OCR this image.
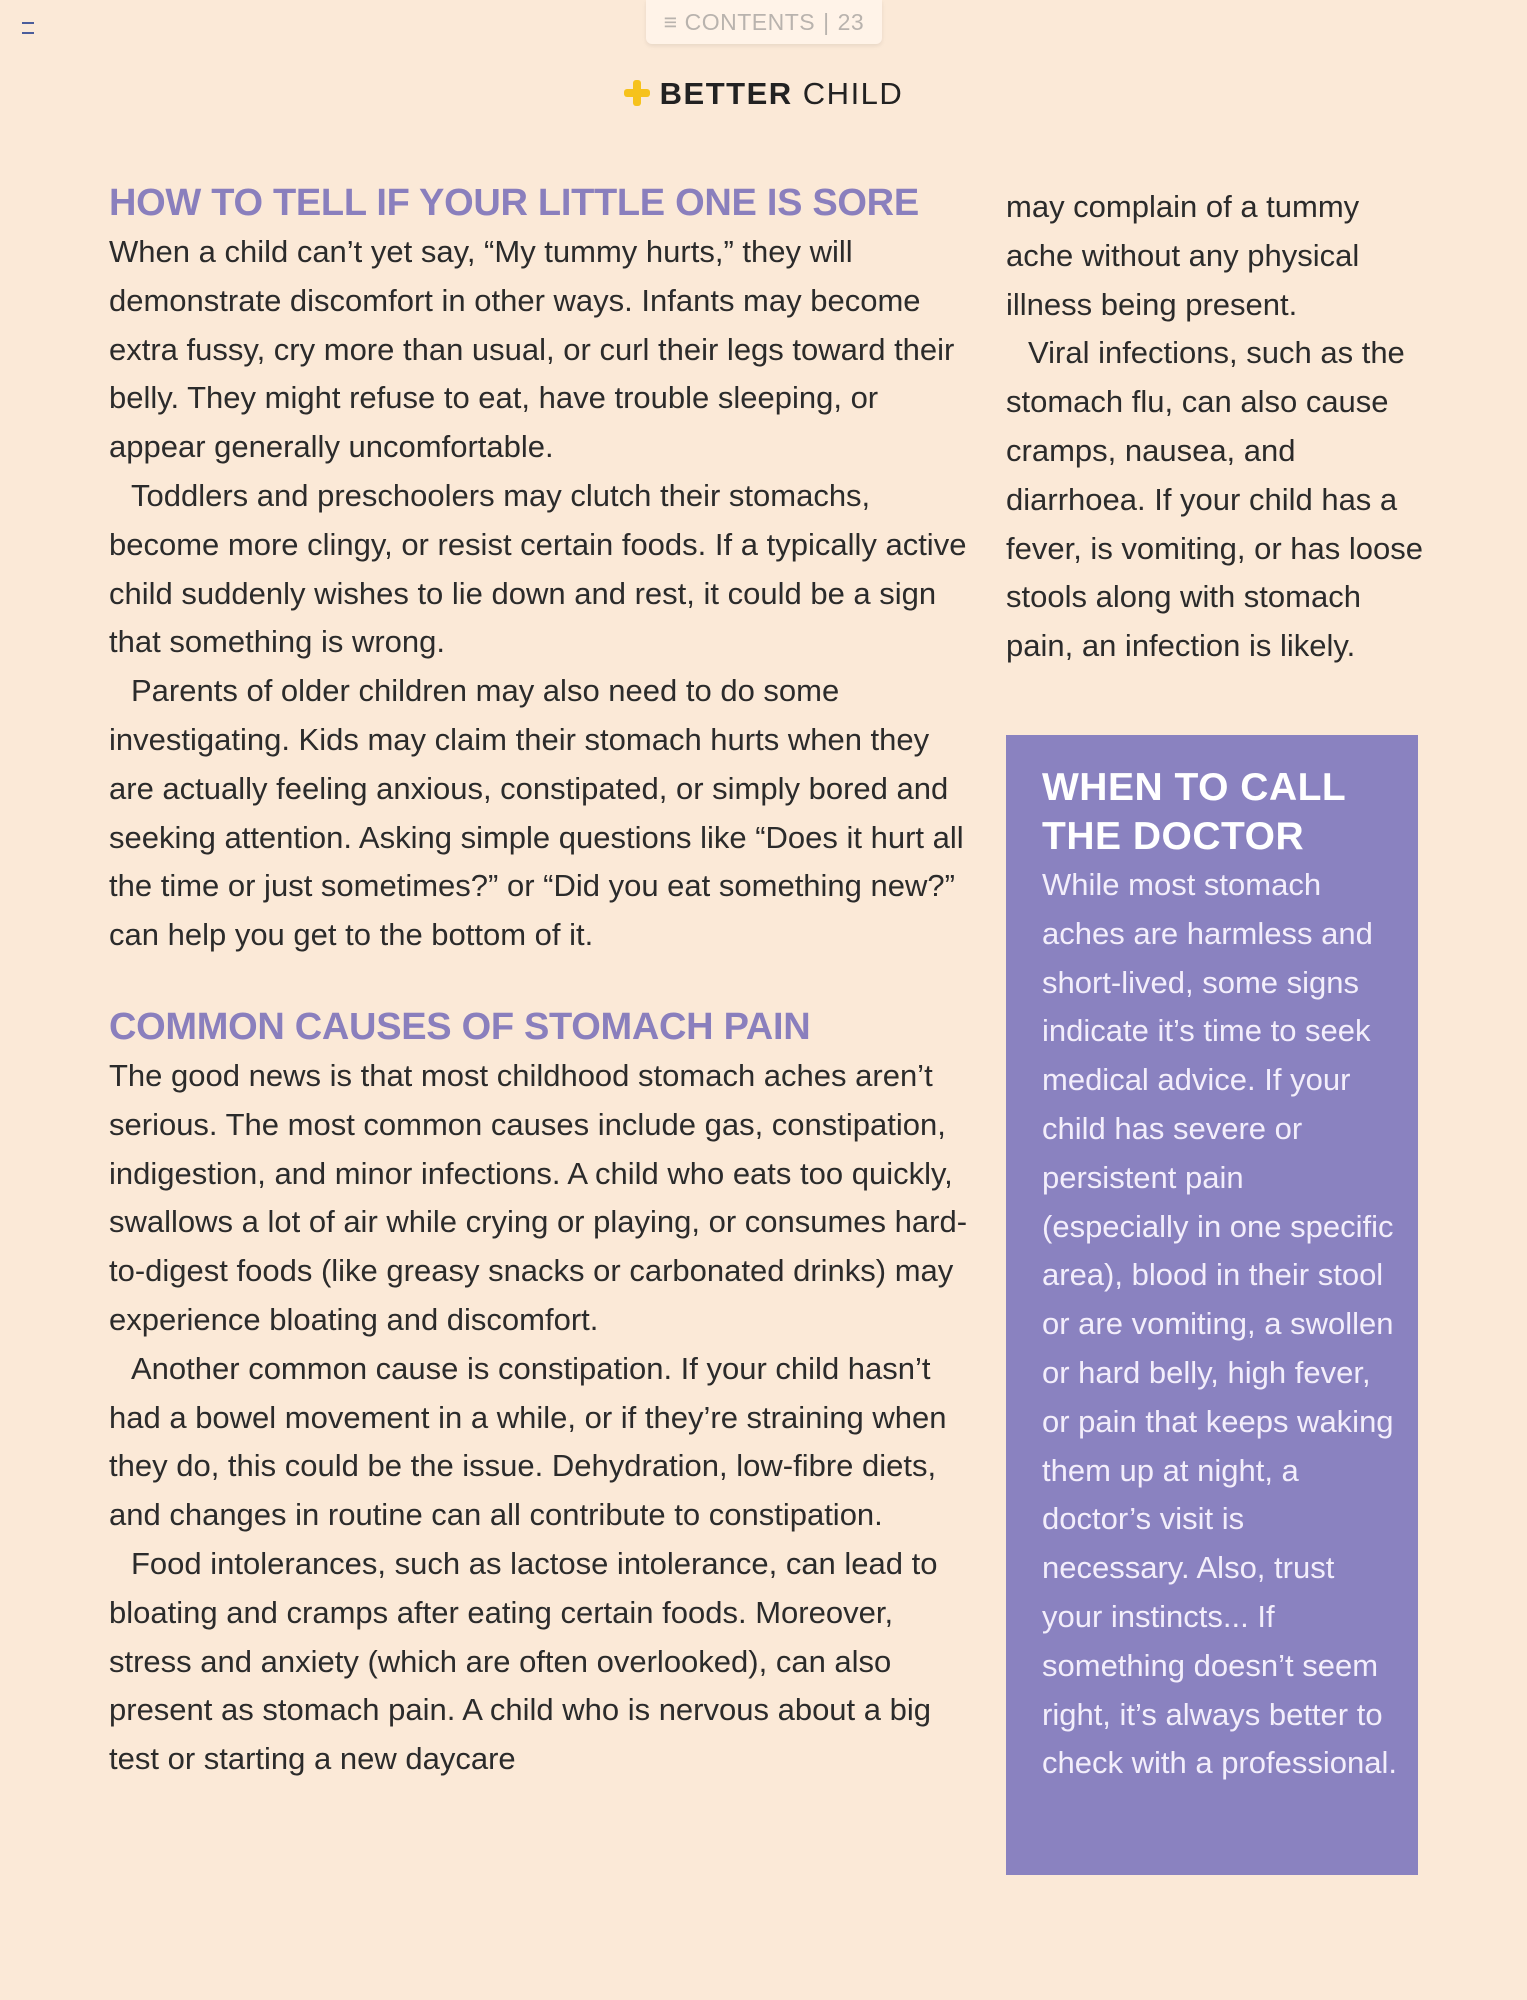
≡ CONTENTS | 23
BETTER CHILD
HOW TO TELL IF YOUR LITTLE ONE IS SORE

When a child can’t yet say, “My tummy hurts,” they will demonstrate discomfort in other ways. Infants may become extra fussy, cry more than usual, or curl their legs toward their belly. They might refuse to eat, have trouble sleeping, or appear generally uncomfortable.

Toddlers and preschoolers may clutch their stomachs, become more clingy, or resist certain foods. If a typically active child suddenly wishes to lie down and rest, it could be a sign that something is wrong.

Parents of older children may also need to do some investigating. Kids may claim their stomach hurts when they are actually feeling anxious, constipated, or simply bored and seeking attention. Asking simple questions like “Does it hurt all the time or just sometimes?” or “Did you eat something new?” can help you get to the bottom of it.

COMMON CAUSES OF STOMACH PAIN

The good news is that most childhood stomach aches aren’t serious. The most common causes include gas, constipation, indigestion, and minor infections. A child who eats too quickly, swallows a lot of air while crying or playing, or consumes hard-to-digest foods (like greasy snacks or carbonated drinks) may experience bloating and discomfort.

Another common cause is constipation. If your child hasn’t had a bowel movement in a while, or if they’re straining when they do, this could be the issue. Dehydration, low-fibre diets, and changes in routine can all contribute to constipation.

Food intolerances, such as lactose intolerance, can lead to bloating and cramps after eating certain foods. Moreover, stress and anxiety (which are often overlooked), can also present as stomach pain. A child who is nervous about a big test or starting a new daycare

may complain of a tummy ache without any physical illness being present.

Viral infections, such as the stomach flu, can also cause cramps, nausea, and diarrhoea. If your child has a fever, is vomiting, or has loose stools along with stomach pain, an infection is likely.

WHEN TO CALL THE DOCTOR

While most stomach aches are harmless and short-lived, some signs indicate it’s time to seek medical advice. If your child has severe or persistent pain (especially in one specific area), blood in their stool or are vomiting, a swollen or hard belly, high fever, or pain that keeps waking them up at night, a doctor’s visit is necessary. Also, trust your instincts... If something doesn’t seem right, it’s always better to check with a professional.
